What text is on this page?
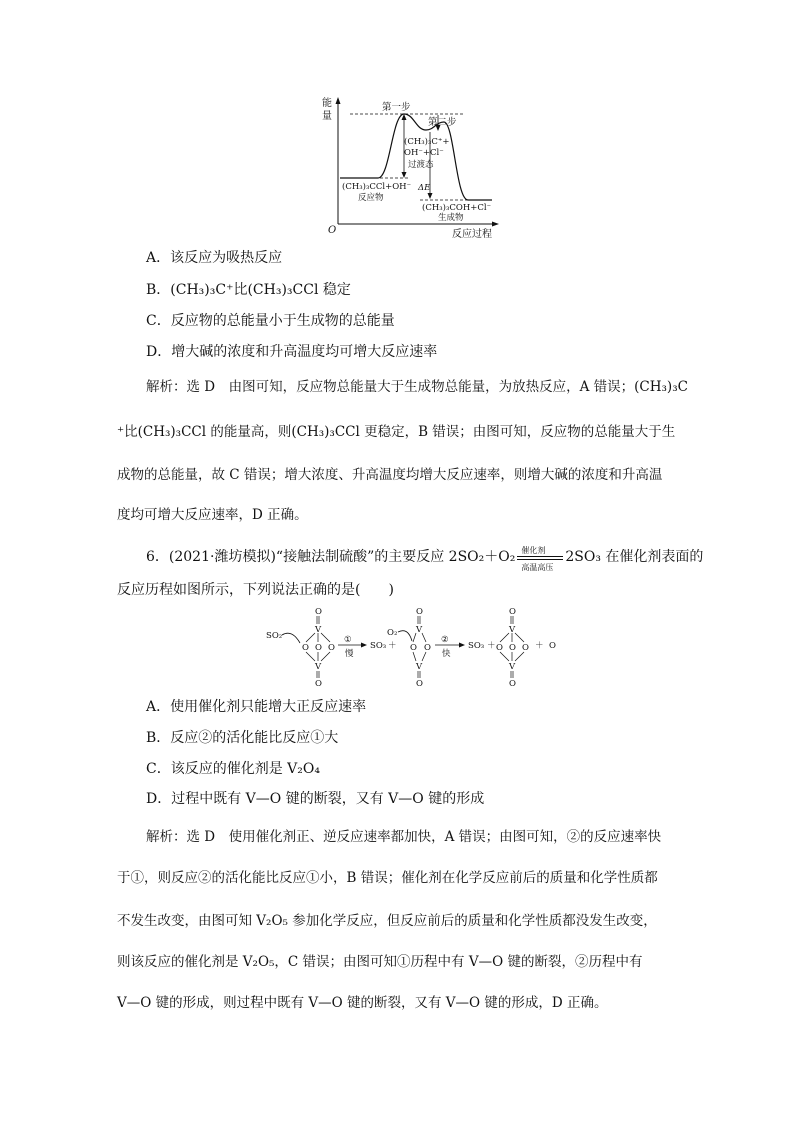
能
量
O	反应过程
第一步
第二步
(CH₃)₃C⁺+
OH⁻+Cl⁻
过渡态
(CH₃)₃CCl+OH⁻
反应物
ΔE
(CH₃)₃COH+Cl⁻
生成物
A．该反应为吸热反应
B．(CH₃)₃C⁺比(CH₃)₃CCl 稳定
C．反应物的总能量小于生成物的总能量
D．增大碱的浓度和升高温度均可增大反应速率
解析：选 D　由图可知，反应物总能量大于生成物总能量，为放热反应，A 错误；(CH₃)₃C
⁺比(CH₃)₃CCl 的能量高，则(CH₃)₃CCl 更稳定，B 错误；由图可知，反应物的总能量大于生
成物的总能量，故 C 错误；增大浓度、升高温度均增大反应速率，则增大碱的浓度和升高温
度均可增大反应速率，D 正确。
6．(2021·潍坊模拟)“接触法制硫酸”的主要反应 2SO₂＋O₂ 催化剂
高温高压
2SO₃ 在催化剂表面的
反应历程如图所示，下列说法正确的是(　　)
SO₂
O
V
O O O
V
O
①
慢
SO₃ ＋
O₂
O
V
O O
V
O
②
快
SO₃ ＋
O
V
O O O
V
O
＋ O
A．使用催化剂只能增大正反应速率
B．反应②的活化能比反应①大
C．该反应的催化剂是 V₂O₄
D．过程中既有 V—O 键的断裂，又有 V—O 键的形成
解析：选 D　使用催化剂正、逆反应速率都加快，A 错误；由图可知，②的反应速率快
于①，则反应②的活化能比反应①小，B 错误；催化剂在化学反应前后的质量和化学性质都
不发生改变，由图可知 V₂O₅ 参加化学反应，但反应前后的质量和化学性质都没发生改变，
则该反应的催化剂是 V₂O₅，C 错误；由图可知①历程中有 V—O 键的断裂，②历程中有
V—O 键的形成，则过程中既有 V—O 键的断裂，又有 V—O 键的形成，D 正确。
